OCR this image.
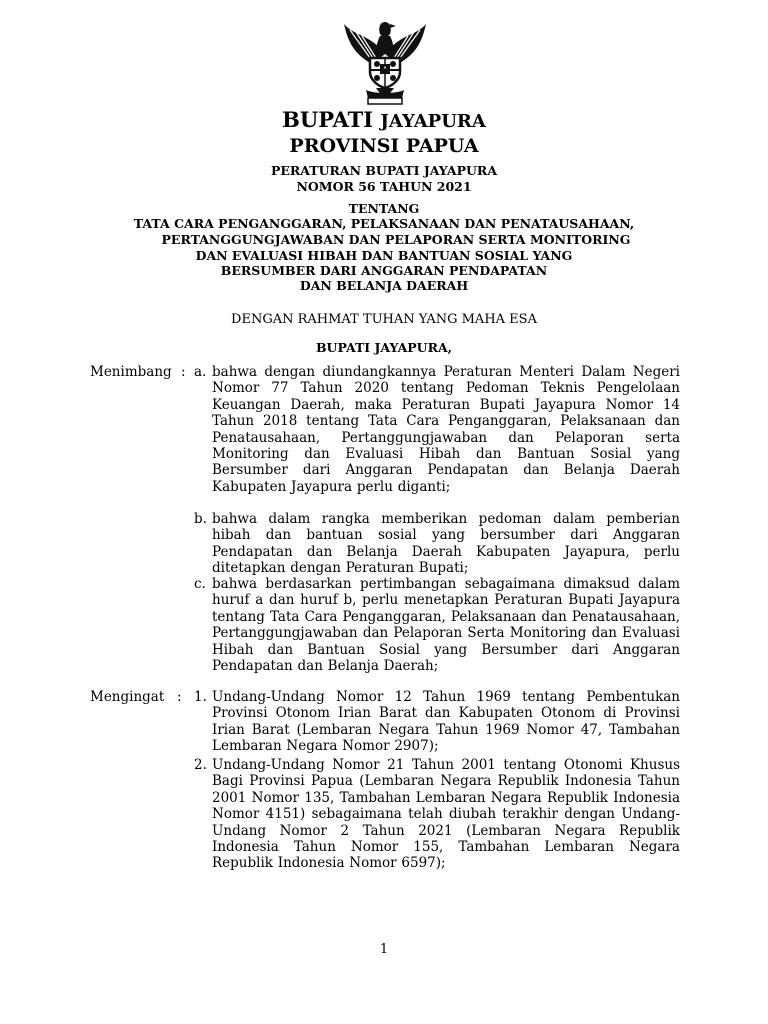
BUPATI JAYAPURA
PROVINSI PAPUA
PERATURAN BUPATI JAYAPURA
NOMOR 56 TAHUN 2021
TENTANG
TATA CARA PENGANGGARAN, PELAKSANAAN DAN PENATAUSAHAAN,
PERTANGGUNGJAWABAN DAN PELAPORAN SERTA MONITORING
DAN EVALUASI HIBAH DAN BANTUAN SOSIAL YANG
BERSUMBER DARI ANGGARAN PENDAPATAN
DAN BELANJA DAERAH
DENGAN RAHMAT TUHAN YANG MAHA ESA
BUPATI JAYAPURA,
Menimbang : a. bahwa dengan diundangkannya Peraturan Menteri Dalam Negeri Nomor 77 Tahun 2020 tentang Pedoman Teknis Pengelolaan Keuangan Daerah, maka Peraturan Bupati Jayapura Nomor 14 Tahun 2018 tentang Tata Cara Penganggaran, Pelaksanaan dan Penatausahaan, Pertanggungjawaban dan Pelaporan serta Monitoring dan Evaluasi Hibah dan Bantuan Sosial yang Bersumber dari Anggaran Pendapatan dan Belanja Daerah Kabupaten Jayapura perlu diganti;
b. bahwa dalam rangka memberikan pedoman dalam pemberian hibah dan bantuan sosial yang bersumber dari Anggaran Pendapatan dan Belanja Daerah Kabupaten Jayapura, perlu ditetapkan dengan Peraturan Bupati;
c. bahwa berdasarkan pertimbangan sebagaimana dimaksud dalam huruf a dan huruf b, perlu menetapkan Peraturan Bupati Jayapura tentang Tata Cara Penganggaran, Pelaksanaan dan Penatausahaan, Pertanggungjawaban dan Pelaporan Serta Monitoring dan Evaluasi Hibah dan Bantuan Sosial yang Bersumber dari Anggaran Pendapatan dan Belanja Daerah;
Mengingat : 1. Undang-Undang Nomor 12 Tahun 1969 tentang Pembentukan Provinsi Otonom Irian Barat dan Kabupaten Otonom di Provinsi Irian Barat (Lembaran Negara Tahun 1969 Nomor 47, Tambahan Lembaran Negara Nomor 2907);
2. Undang-Undang Nomor 21 Tahun 2001 tentang Otonomi Khusus Bagi Provinsi Papua (Lembaran Negara Republik Indonesia Tahun 2001 Nomor 135, Tambahan Lembaran Negara Republik Indonesia Nomor 4151) sebagaimana telah diubah terakhir dengan Undang-Undang Nomor 2 Tahun 2021 (Lembaran Negara Republik Indonesia Tahun Nomor 155, Tambahan Lembaran Negara Republik Indonesia Nomor 6597);
1
